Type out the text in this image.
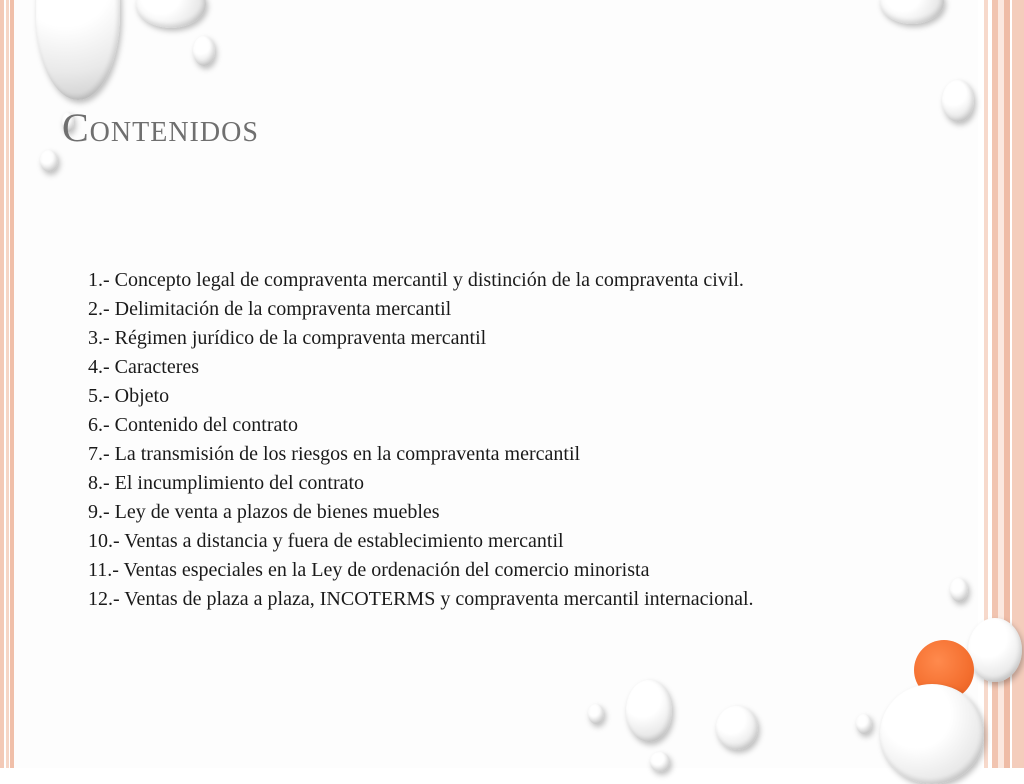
Contenidos
1.- Concepto legal de compraventa mercantil y distinción de la compraventa civil.
2.- Delimitación de la compraventa mercantil
3.- Régimen jurídico de la compraventa mercantil
4.- Caracteres
5.- Objeto
6.- Contenido del contrato
7.- La transmisión de los riesgos en la compraventa mercantil
8.- El incumplimiento del contrato
9.- Ley de venta a plazos de bienes muebles
10.- Ventas a distancia y fuera de establecimiento mercantil
11.- Ventas especiales en la Ley de ordenación del comercio minorista
12.- Ventas de plaza a plaza, INCOTERMS y compraventa mercantil internacional.
